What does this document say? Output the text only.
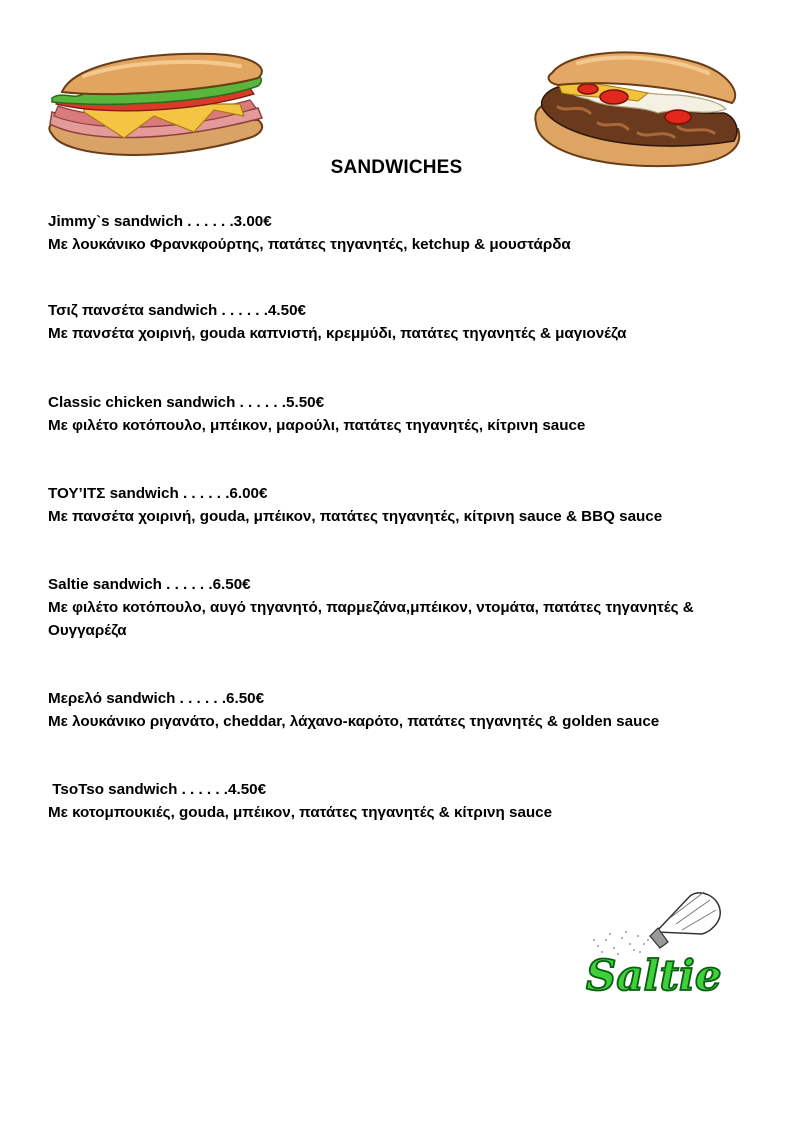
SANDWICHES
Jimmy`s sandwich . . . . . .3.00€
Με λουκάνικο Φρανκφούρτης, πατάτες τηγανητές, ketchup & μουστάρδα
Τσιζ πανσέτα sandwich . . . . . .4.50€
Με πανσέτα χοιρινή, gouda καπνιστή, κρεμμύδι, πατάτες τηγανητές & μαγιονέζα
Classic chicken sandwich . . . . . .5.50€
Με φιλέτο κοτόπουλο, μπέικον, μαρούλι, πατάτες τηγανητές, κίτρινη sauce
ΤΟΥ’ΙΤΣ sandwich . . . . . .6.00€
Με πανσέτα χοιρινή, gouda, μπέικον, πατάτες τηγανητές, κίτρινη sauce & BBQ sauce
Saltie sandwich . . . . . .6.50€
Με φιλέτο κοτόπουλο, αυγό τηγανητό, παρμεζάνα,μπέικον, ντομάτα, πατάτες τηγανητές & Ουγγαρέζα
Μερελό sandwich . . . . . .6.50€
Με λουκάνικο ριγανάτο, cheddar, λάχανο-καρότο, πατάτες τηγανητές & golden sauce
TsoTso sandwich . . . . . .4.50€
Με κοτομπουκιές, gouda, μπέικον, πατάτες τηγανητές & κίτρινη sauce
Saltie
